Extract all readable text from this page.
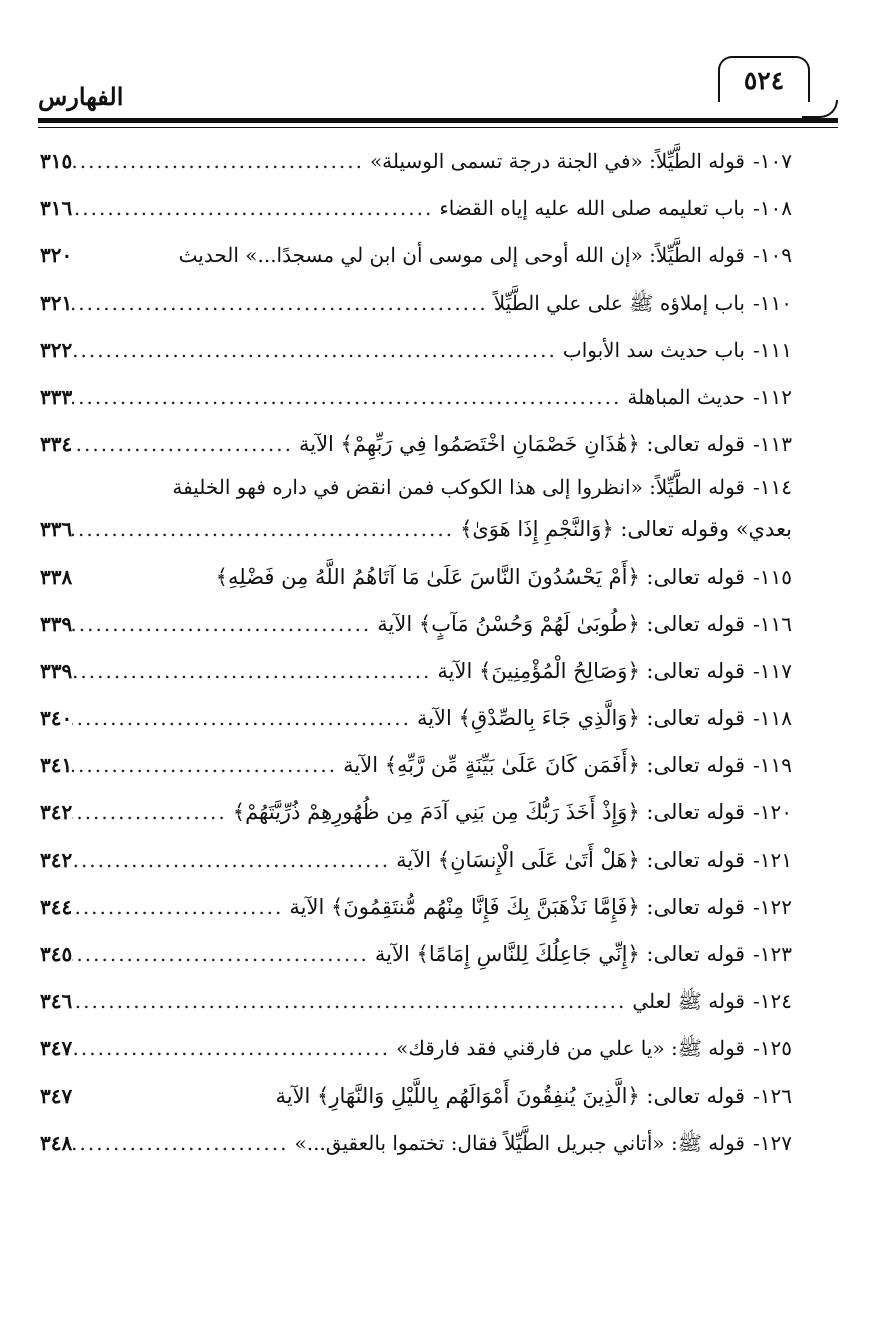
الفهارس
٥٢٤
١٠٧-
قوله الطَّيِّلاً: «في الجنة درجة تسمى الوسيلة»
.....
٣١٥
١٠٨-
باب تعليمه صلى الله عليه إياه القضاء
.....
٣١٦
١٠٩-
قوله الطَّيِّلاً: «إن الله أوحى إلى موسى أن ابن لي مسجدًا...» الحديث
٣٢٠
١١٠-
باب إملاؤه ﷺ على علي الطَّيِّلاً
.....
٣٢١
١١١-
باب حديث سد الأبواب
.....
٣٢٢
١١٢-
حديث المباهلة
.....
٣٣٣
١١٣-
قوله تعالى: ﴿هَٰذَانِ خَصْمَانِ اخْتَصَمُوا فِي رَبِّهِمْ﴾ الآية
.....
٣٣٤
١١٤-
قوله الطَّيِّلاً: «انظروا إلى هذا الكوكب فمن انقض في داره فهو الخليفة
بعدي» وقوله تعالى: ﴿وَالنَّجْمِ إِذَا هَوَىٰ﴾
.....
٣٣٦
١١٥-
قوله تعالى: ﴿أَمْ يَحْسُدُونَ النَّاسَ عَلَىٰ مَا آتَاهُمُ اللَّهُ مِن فَضْلِهِ﴾
٣٣٨
١١٦-
قوله تعالى: ﴿طُوبَىٰ لَهُمْ وَحُسْنُ مَآبٍ﴾ الآية
.....
٣٣٩
١١٧-
قوله تعالى: ﴿وَصَالِحُ الْمُؤْمِنِينَ﴾ الآية
.....
٣٣٩
١١٨-
قوله تعالى: ﴿وَالَّذِي جَاءَ بِالصِّدْقِ﴾ الآية
.....
٣٤٠
١١٩-
قوله تعالى: ﴿أَفَمَن كَانَ عَلَىٰ بَيِّنَةٍ مِّن رَّبِّهِ﴾ الآية
.....
٣٤١
١٢٠-
قوله تعالى: ﴿وَإِذْ أَخَذَ رَبُّكَ مِن بَنِي آدَمَ مِن ظُهُورِهِمْ ذُرِّيَّتَهُمْ﴾
.....
٣٤٢
١٢١-
قوله تعالى: ﴿هَلْ أَتَىٰ عَلَى الْإِنسَانِ﴾ الآية
.....
٣٤٢
١٢٢-
قوله تعالى: ﴿فَإِمَّا نَذْهَبَنَّ بِكَ فَإِنَّا مِنْهُم مُّنتَقِمُونَ﴾ الآية
.....
٣٤٤
١٢٣-
قوله تعالى: ﴿إِنِّي جَاعِلُكَ لِلنَّاسِ إِمَامًا﴾ الآية
.....
٣٤٥
١٢٤-
قوله ﷺ لعلي
.....
٣٤٦
١٢٥-
قوله ﷺ: «يا علي من فارقني فقد فارقك»
.....
٣٤٧
١٢٦-
قوله تعالى: ﴿الَّذِينَ يُنفِقُونَ أَمْوَالَهُم بِاللَّيْلِ وَالنَّهَارِ﴾ الآية
٣٤٧
١٢٧-
قوله ﷺ: «أتاني جبريل الطَّيِّلاً فقال: تختموا بالعقيق...»
.....
٣٤٨
